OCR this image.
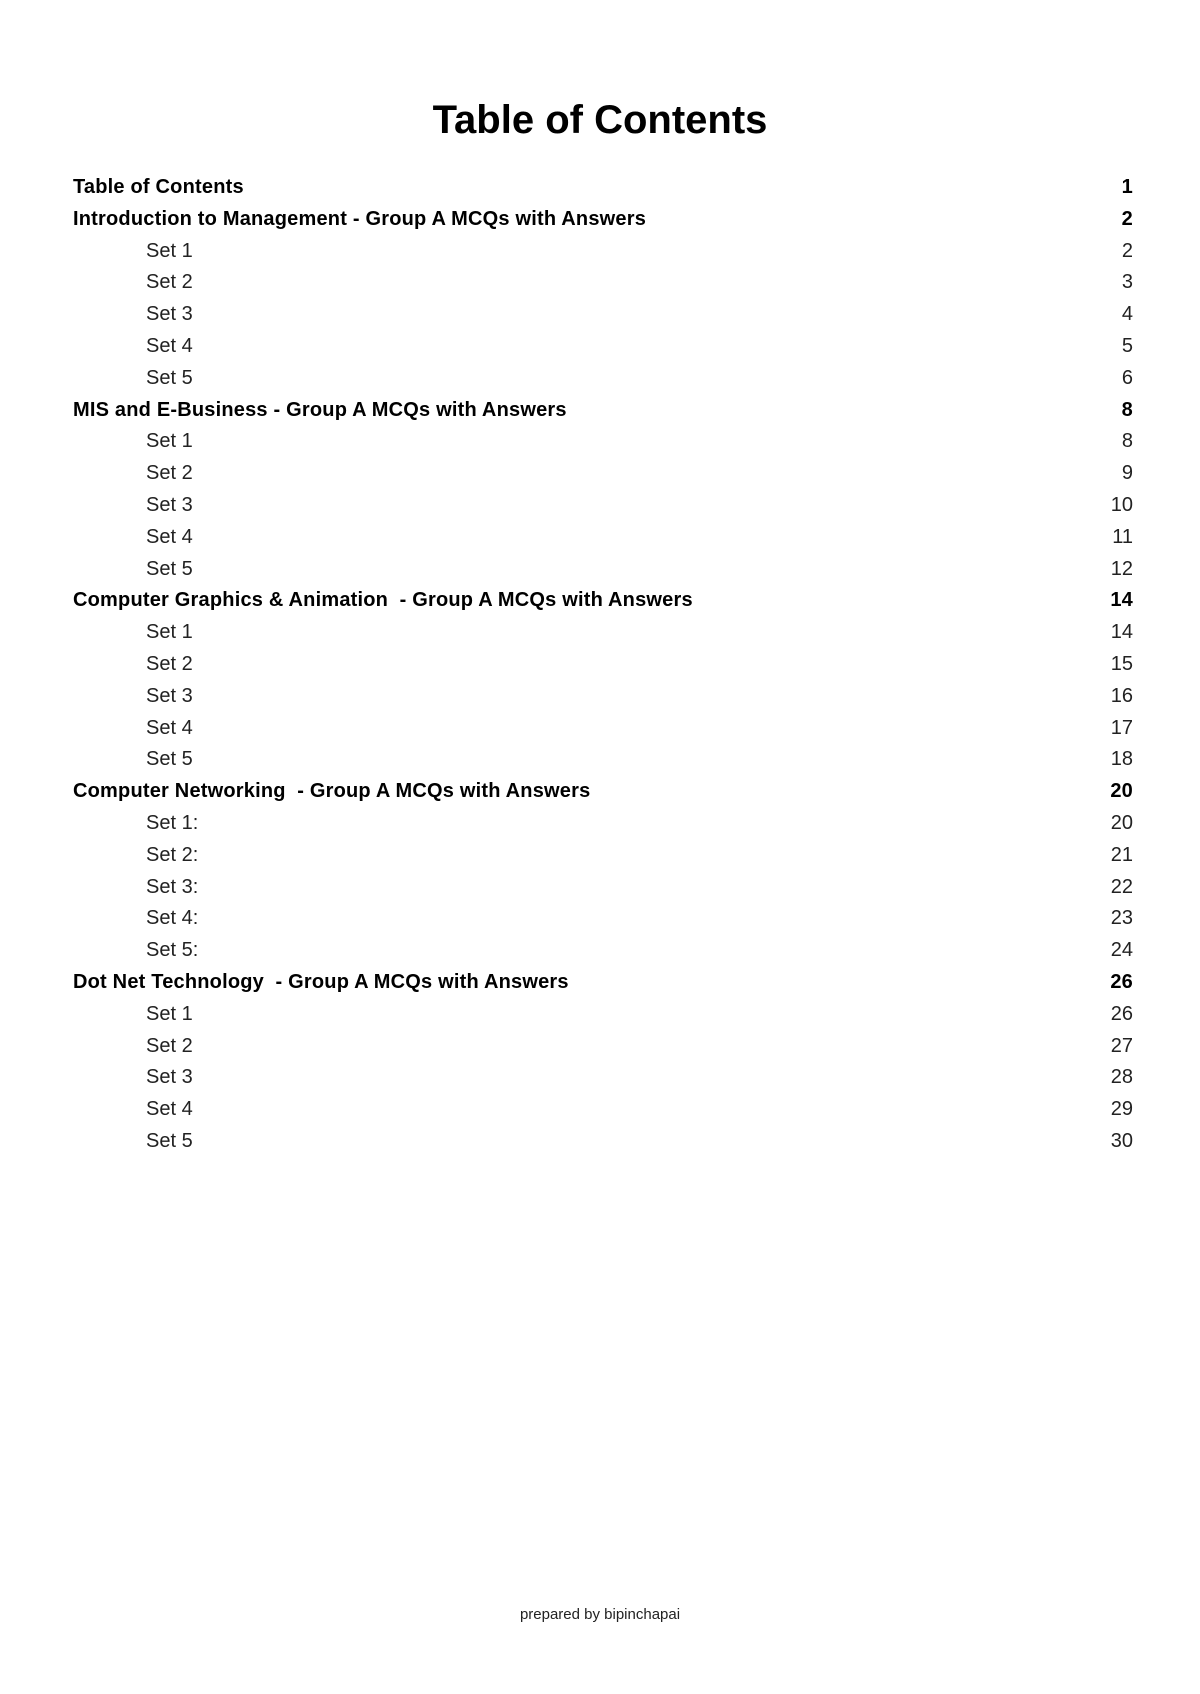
Table of Contents
Table of Contents	1
Introduction to Management - Group A MCQs with Answers	2
Set 1	2
Set 2	3
Set 3	4
Set 4	5
Set 5	6
MIS and E-Business - Group A MCQs with Answers	8
Set 1	8
Set 2	9
Set 3	10
Set 4	11
Set 5	12
Computer Graphics & Animation  - Group A MCQs with Answers	14
Set 1	14
Set 2	15
Set 3	16
Set 4	17
Set 5	18
Computer Networking  - Group A MCQs with Answers	20
Set 1:	20
Set 2:	21
Set 3:	22
Set 4:	23
Set 5:	24
Dot Net Technology  - Group A MCQs with Answers	26
Set 1	26
Set 2	27
Set 3	28
Set 4	29
Set 5	30
prepared by bipinchapai
